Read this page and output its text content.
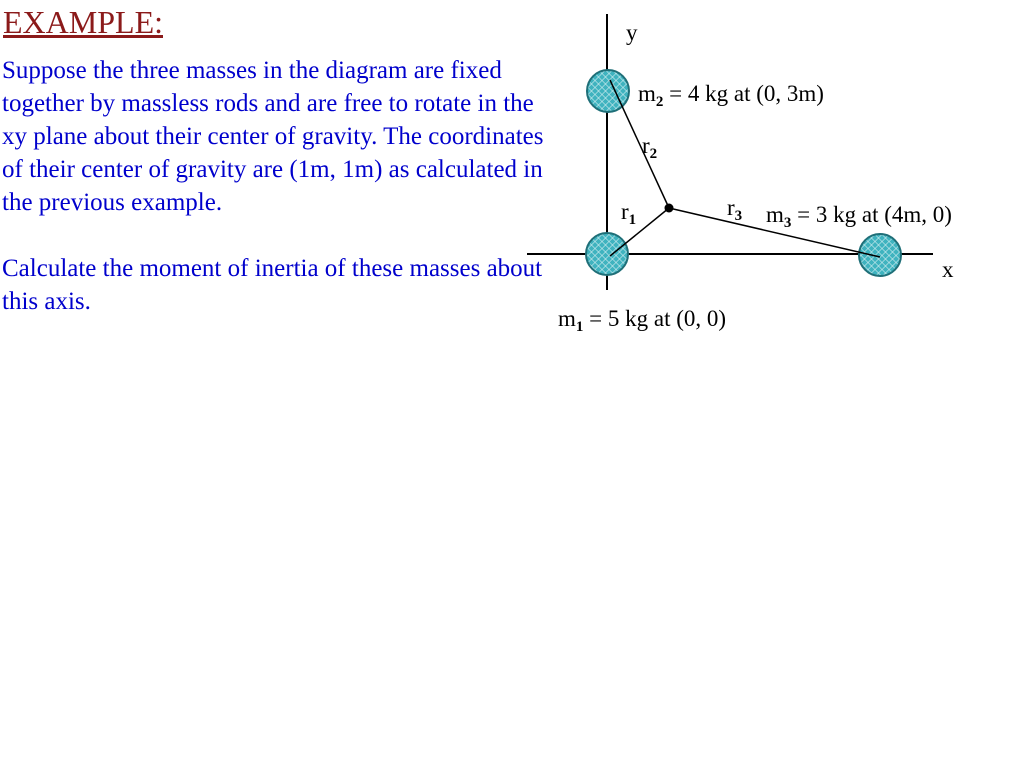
EXAMPLE:

Suppose the three masses in the diagram are fixed together by massless rods and are free to rotate in the xy plane about their center of gravity. The coordinates of their center of gravity are (1m, 1m) as calculated in the previous example.

Calculate the moment of inertia of these masses about this axis.

y
x
$r_2$
$r_1$	$r_3$
$m_2 = 4$ kg at (0, 3m)
$m_3 = 3$ kg at (4m, 0)
$m_1 = 5$ kg at (0, 0)
